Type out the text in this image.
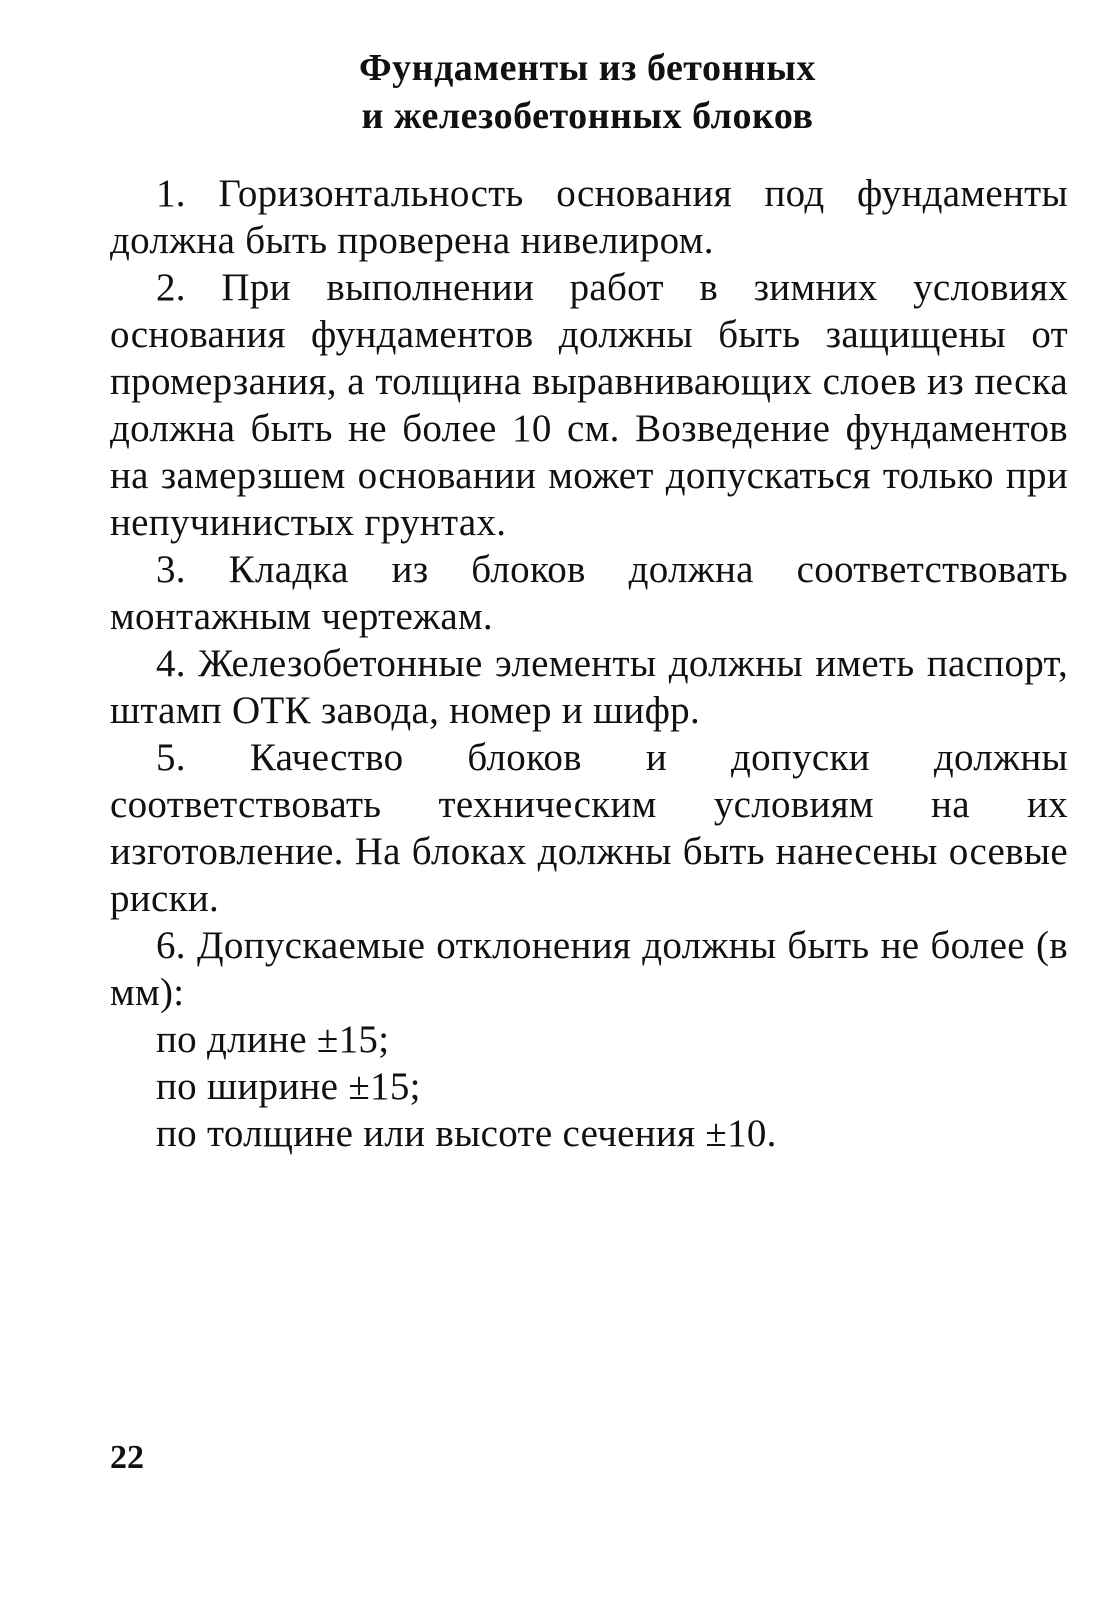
Фундаменты из бетонных
и железобетонных блоков

1. Горизонтальность основания под фундаменты должна быть проверена нивелиром.

2. При выполнении работ в зимних условиях основания фундаментов должны быть защищены от промерзания, а толщина выравнивающих слоев из песка должна быть не более 10 см. Возведение фундаментов на замерзшем основании может допускаться только при непучинистых грунтах.

3. Кладка из блоков должна соответствовать монтажным чертежам.

4. Железобетонные элементы должны иметь паспорт, штамп ОТК завода, номер и шифр.

5. Качество блоков и допуски должны соответствовать техническим условиям на их изготовление. На блоках должны быть нанесены осевые риски.

6. Допускаемые отклонения должны быть не более (в мм):

по длине ±15;
по ширине ±15;
по толщине или высоте сечения ±10.
22
